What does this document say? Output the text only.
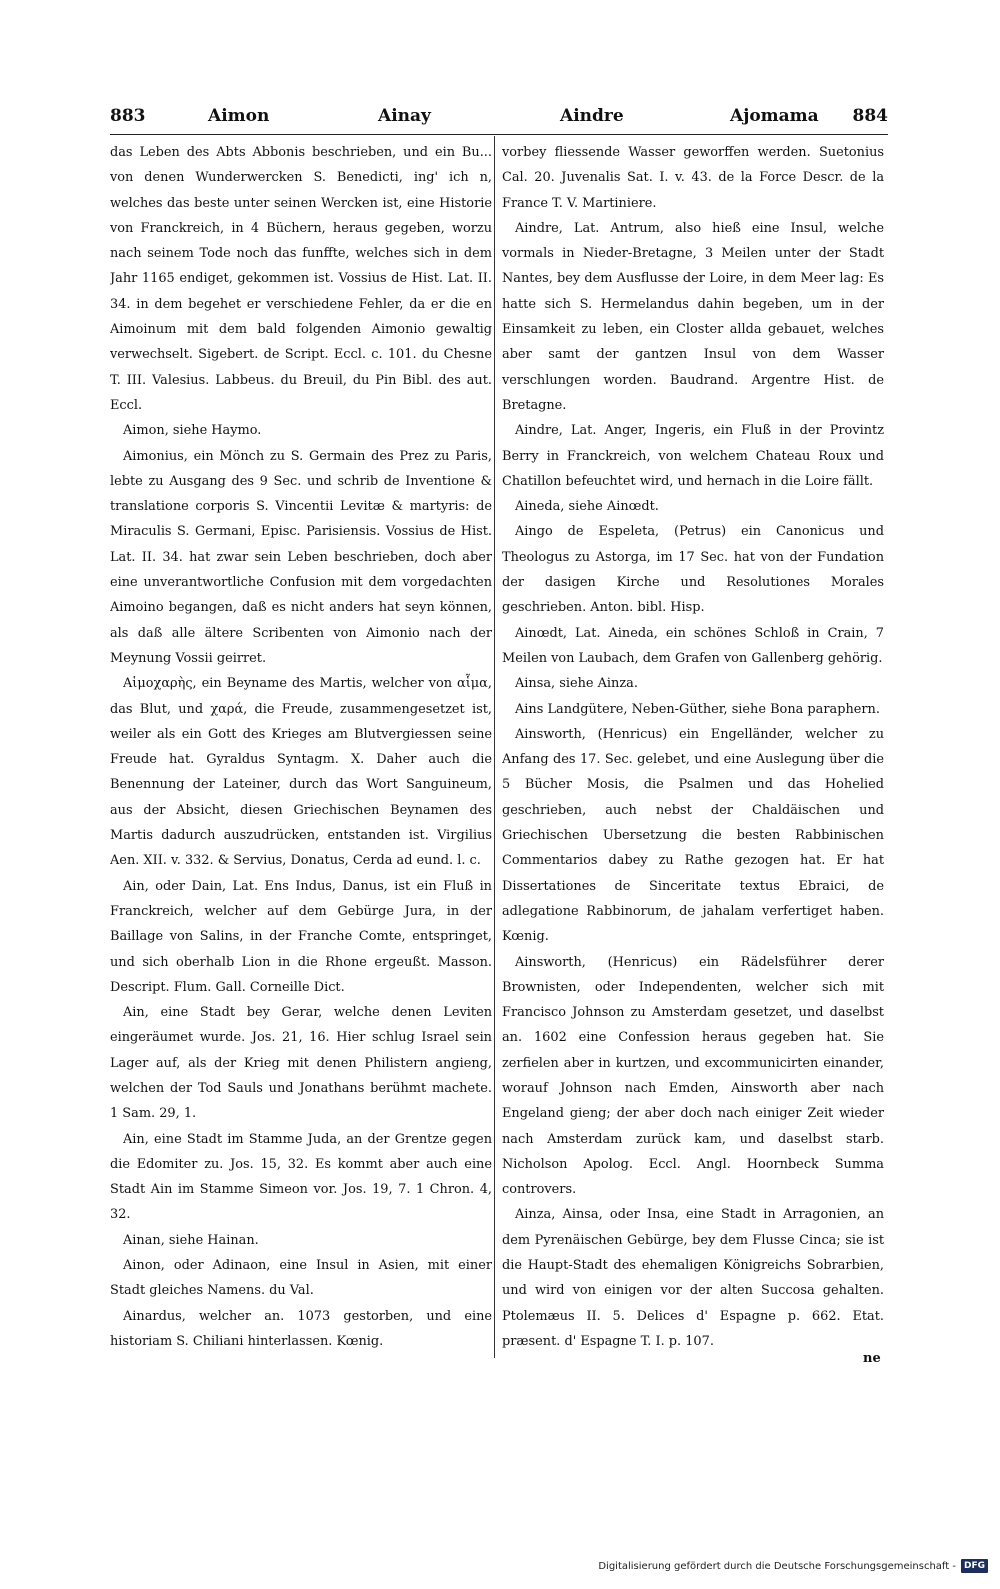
883	Aimon	Ainay	Aindre	Ajomama 884

das Leben des Abts Abbonis beschrieben, und ein Bu... von denen Wunderwercken S. Benedicti, ing' ich n, welches das beste unter seinen Wercken ist, eine Historie von Franckreich, in 4 Büchern, heraus gegeben, worzu nach seinem Tode noch das funffte, welches sich in dem Jahr 1165 endiget, gekommen ist. Vossius de Hist. Lat. II. 34. in dem begehet er verschiedene Fehler, da er die en Aimoinum mit dem bald folgenden Aimonio gewaltig verwechselt. Sigebert. de Script. Eccl. c. 101. du Chesne T. III. Valesius. Labbeus. du Breuil, du Pin Bibl. des aut. Eccl.

Aimon, siehe Haymo.

Aimonius, ein Mönch zu S. Germain des Prez zu Paris, lebte zu Ausgang des 9 Sec. und schrib de Inventione & translatione corporis S. Vincentii Levitæ & martyris: de Miraculis S. Germani, Episc. Parisiensis. Vossius de Hist. Lat. II. 34. hat zwar sein Leben beschrieben, doch aber eine unverantwortliche Confusion mit dem vorgedachten Aimoino begangen, daß es nicht anders hat seyn können, als daß alle ältere Scribenten von Aimonio nach der Meynung Vossii geirret.

Αἱμοχαρὴς, ein Beyname des Martis, welcher von αἷμα, das Blut, und χαρά, die Freude, zusammengesetzet ist, weiler als ein Gott des Krieges am Blutvergiessen seine Freude hat. Gyraldus Syntagm. X. Daher auch die Benennung der Lateiner, durch das Wort Sanguineum, aus der Absicht, diesen Griechischen Beynamen des Martis dadurch auszudrücken, entstanden ist. Virgilius Aen. XII. v. 332. & Servius, Donatus, Cerda ad eund. l. c.

Ain, oder Dain, Lat. Ens Indus, Danus, ist ein Fluß in Franckreich, welcher auf dem Gebürge Jura, in der Baillage von Salins, in der Franche Comte, entspringet, und sich oberhalb Lion in die Rhone ergeußt. Masson. Descript. Flum. Gall. Corneille Dict.

Ain, eine Stadt bey Gerar, welche denen Leviten eingeräumet wurde. Jos. 21, 16. Hier schlug Israel sein Lager auf, als der Krieg mit denen Philistern angieng, welchen der Tod Sauls und Jonathans berühmt machete. 1 Sam. 29, 1.

Ain, eine Stadt im Stamme Juda, an der Grentze gegen die Edomiter zu. Jos. 15, 32. Es kommt aber auch eine Stadt Ain im Stamme Simeon vor. Jos. 19, 7. 1 Chron. 4, 32.

Ainan, siehe Hainan.

Ainon, oder Adinaon, eine Insul in Asien, mit einer Stadt gleiches Namens. du Val.

Ainardus, welcher an. 1073 gestorben, und eine historiam S. Chiliani hinterlassen. Kœnig.

vorbey fliessende Wasser geworffen werden. Suetonius Cal. 20. Juvenalis Sat. I. v. 43. de la Force Descr. de la France T. V. Martiniere.

Aindre, Lat. Antrum, also hieß eine Insul, welche vormals in Nieder-Bretagne, 3 Meilen unter der Stadt Nantes, bey dem Ausflusse der Loire, in dem Meer lag: Es hatte sich S. Hermelandus dahin begeben, um in der Einsamkeit zu leben, ein Closter allda gebauet, welches aber samt der gantzen Insul von dem Wasser verschlungen worden. Baudrand. Argentre Hist. de Bretagne.

Aindre, Lat. Anger, Ingeris, ein Fluß in der Provintz Berry in Franckreich, von welchem Chateau Roux und Chatillon befeuchtet wird, und hernach in die Loire fällt.

Aineda, siehe Ainœdt.

Aingo de Espeleta, (Petrus) ein Canonicus und Theologus zu Astorga, im 17 Sec. hat von der Fundation der dasigen Kirche und Resolutiones Morales geschrieben. Anton. bibl. Hisp.

Ainœdt, Lat. Aineda, ein schönes Schloß in Crain, 7 Meilen von Laubach, dem Grafen von Gallenberg gehörig.

Ainsa, siehe Ainza.

Ains Landgütere, Neben-Güther, siehe Bona paraphern.

Ainsworth, (Henricus) ein Engelländer, welcher zu Anfang des 17. Sec. gelebet, und eine Auslegung über die 5 Bücher Mosis, die Psalmen und das Hohelied geschrieben, auch nebst der Chaldäischen und Griechischen Ubersetzung die besten Rabbinischen Commentarios dabey zu Rathe gezogen hat. Er hat Dissertationes de Sinceritate textus Ebraici, de adlegatione Rabbinorum, de jahalam verfertiget haben. Kœnig.

Ainsworth, (Henricus) ein Rädelsführer derer Brownisten, oder Independenten, welcher sich mit Francisco Johnson zu Amsterdam gesetzet, und daselbst an. 1602 eine Confession heraus gegeben hat. Sie zerfielen aber in kurtzen, und excommunicirten einander, worauf Johnson nach Emden, Ainsworth aber nach Engeland gieng; der aber doch nach einiger Zeit wieder nach Amsterdam zurück kam, und daselbst starb. Nicholson Apolog. Eccl. Angl. Hoornbeck Summa controvers.

Ainza, Ainsa, oder Insa, eine Stadt in Arragonien, an dem Pyrenäischen Gebürge, bey dem Flusse Cinca; sie ist die Haupt-Stadt des ehemaligen Königreichs Sobrarbien, und wird von einigen vor der alten Succosa gehalten. Ptolemæus II. 5. Delices d' Espagne p. 662. Etat. præsent. d' Espagne T. I. p. 107.

ne
Digitalisierung gefördert durch die Deutsche Forschungsgemeinschaft - DFG
